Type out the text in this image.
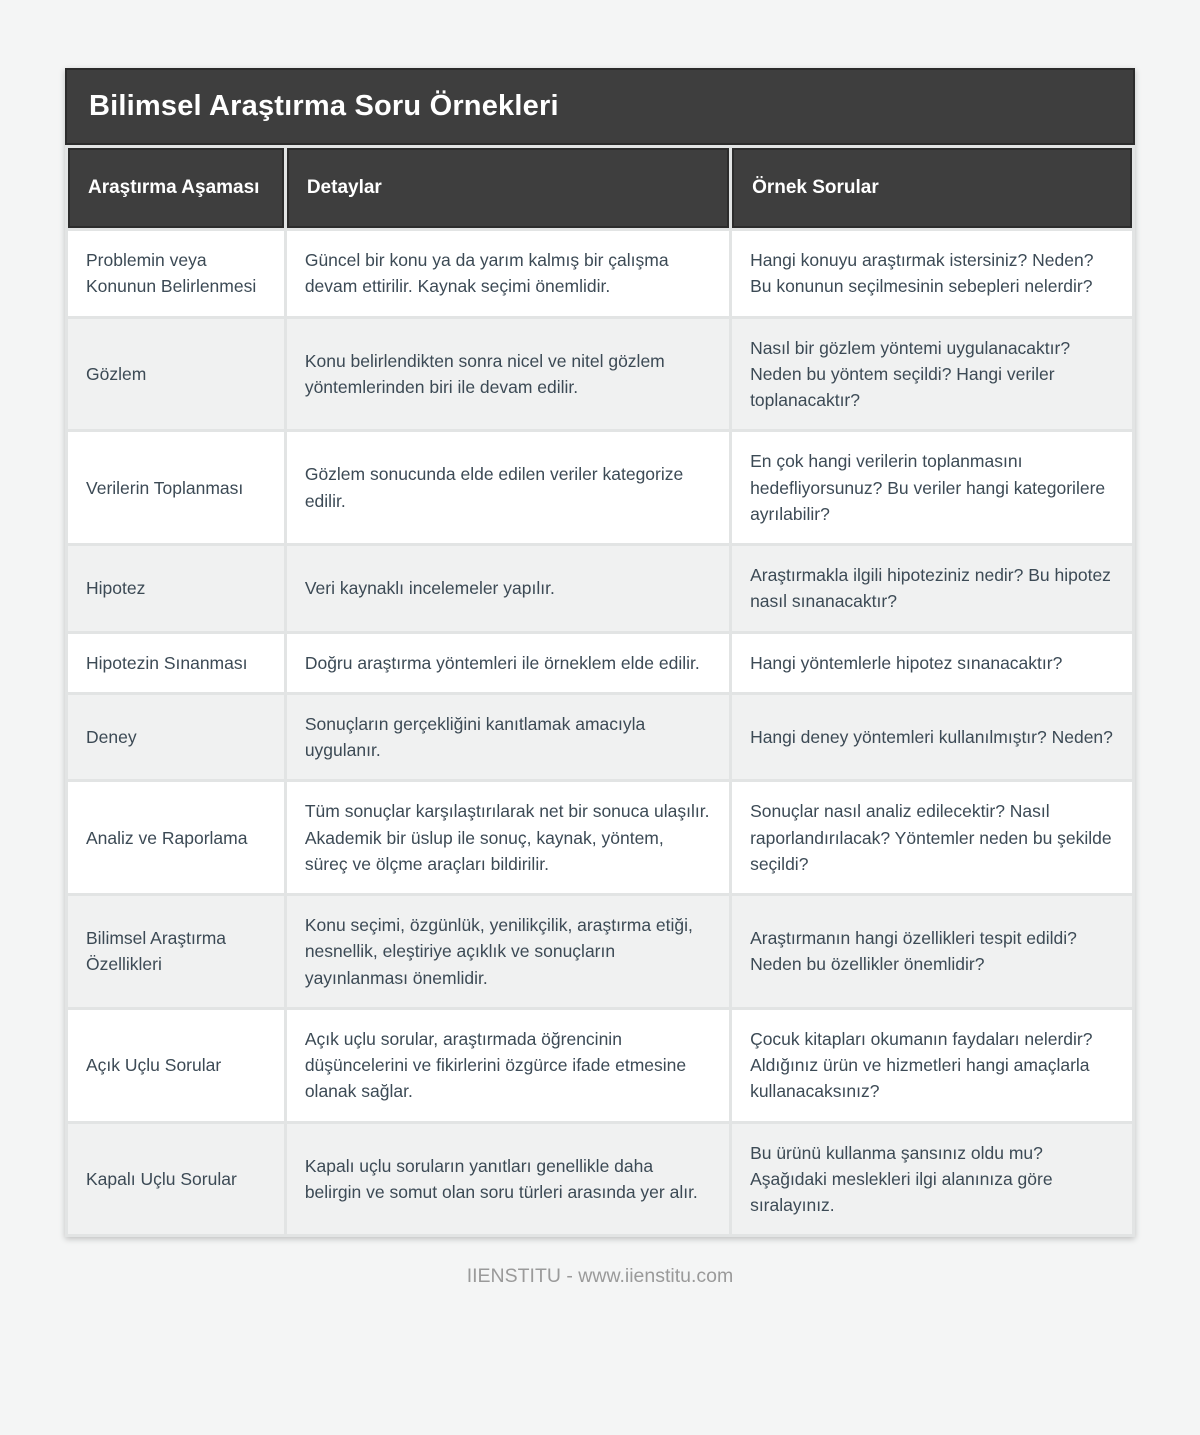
Bilimsel Araştırma Soru Örnekleri
Araştırma Aşaması	Detaylar	Örnek Sorular
Problemin veya Konunun Belirlenmesi	Güncel bir konu ya da yarım kalmış bir çalışma devam ettirilir. Kaynak seçimi önemlidir.	Hangi konuyu araştırmak istersiniz? Neden? Bu konunun seçilmesinin sebepleri nelerdir?
Gözlem	Konu belirlendikten sonra nicel ve nitel gözlem yöntemlerinden biri ile devam edilir.	Nasıl bir gözlem yöntemi uygulanacaktır? Neden bu yöntem seçildi? Hangi veriler toplanacaktır?
Verilerin Toplanması	Gözlem sonucunda elde edilen veriler kategorize edilir.	En çok hangi verilerin toplanmasını hedefliyorsunuz? Bu veriler hangi kategorilere ayrılabilir?
Hipotez	Veri kaynaklı incelemeler yapılır.	Araştırmakla ilgili hipoteziniz nedir? Bu hipotez nasıl sınanacaktır?
Hipotezin Sınanması	Doğru araştırma yöntemleri ile örneklem elde edilir.	Hangi yöntemlerle hipotez sınanacaktır?
Deney	Sonuçların gerçekliğini kanıtlamak amacıyla uygulanır.	Hangi deney yöntemleri kullanılmıştır? Neden?
Analiz ve Raporlama	Tüm sonuçlar karşılaştırılarak net bir sonuca ulaşılır. Akademik bir üslup ile sonuç, kaynak, yöntem, süreç ve ölçme araçları bildirilir.	Sonuçlar nasıl analiz edilecektir? Nasıl raporlandırılacak? Yöntemler neden bu şekilde seçildi?
Bilimsel Araştırma Özellikleri	Konu seçimi, özgünlük, yenilikçilik, araştırma etiği, nesnellik, eleştiriye açıklık ve sonuçların yayınlanması önemlidir.	Araştırmanın hangi özellikleri tespit edildi? Neden bu özellikler önemlidir?
Açık Uçlu Sorular	Açık uçlu sorular, araştırmada öğrencinin düşüncelerini ve fikirlerini özgürce ifade etmesine olanak sağlar.	Çocuk kitapları okumanın faydaları nelerdir? Aldığınız ürün ve hizmetleri hangi amaçlarla kullanacaksınız?
Kapalı Uçlu Sorular	Kapalı uçlu soruların yanıtları genellikle daha belirgin ve somut olan soru türleri arasında yer alır.	Bu ürünü kullanma şansınız oldu mu? Aşağıdaki meslekleri ilgi alanınıza göre sıralayınız.
IIENSTITU - www.iienstitu.com
